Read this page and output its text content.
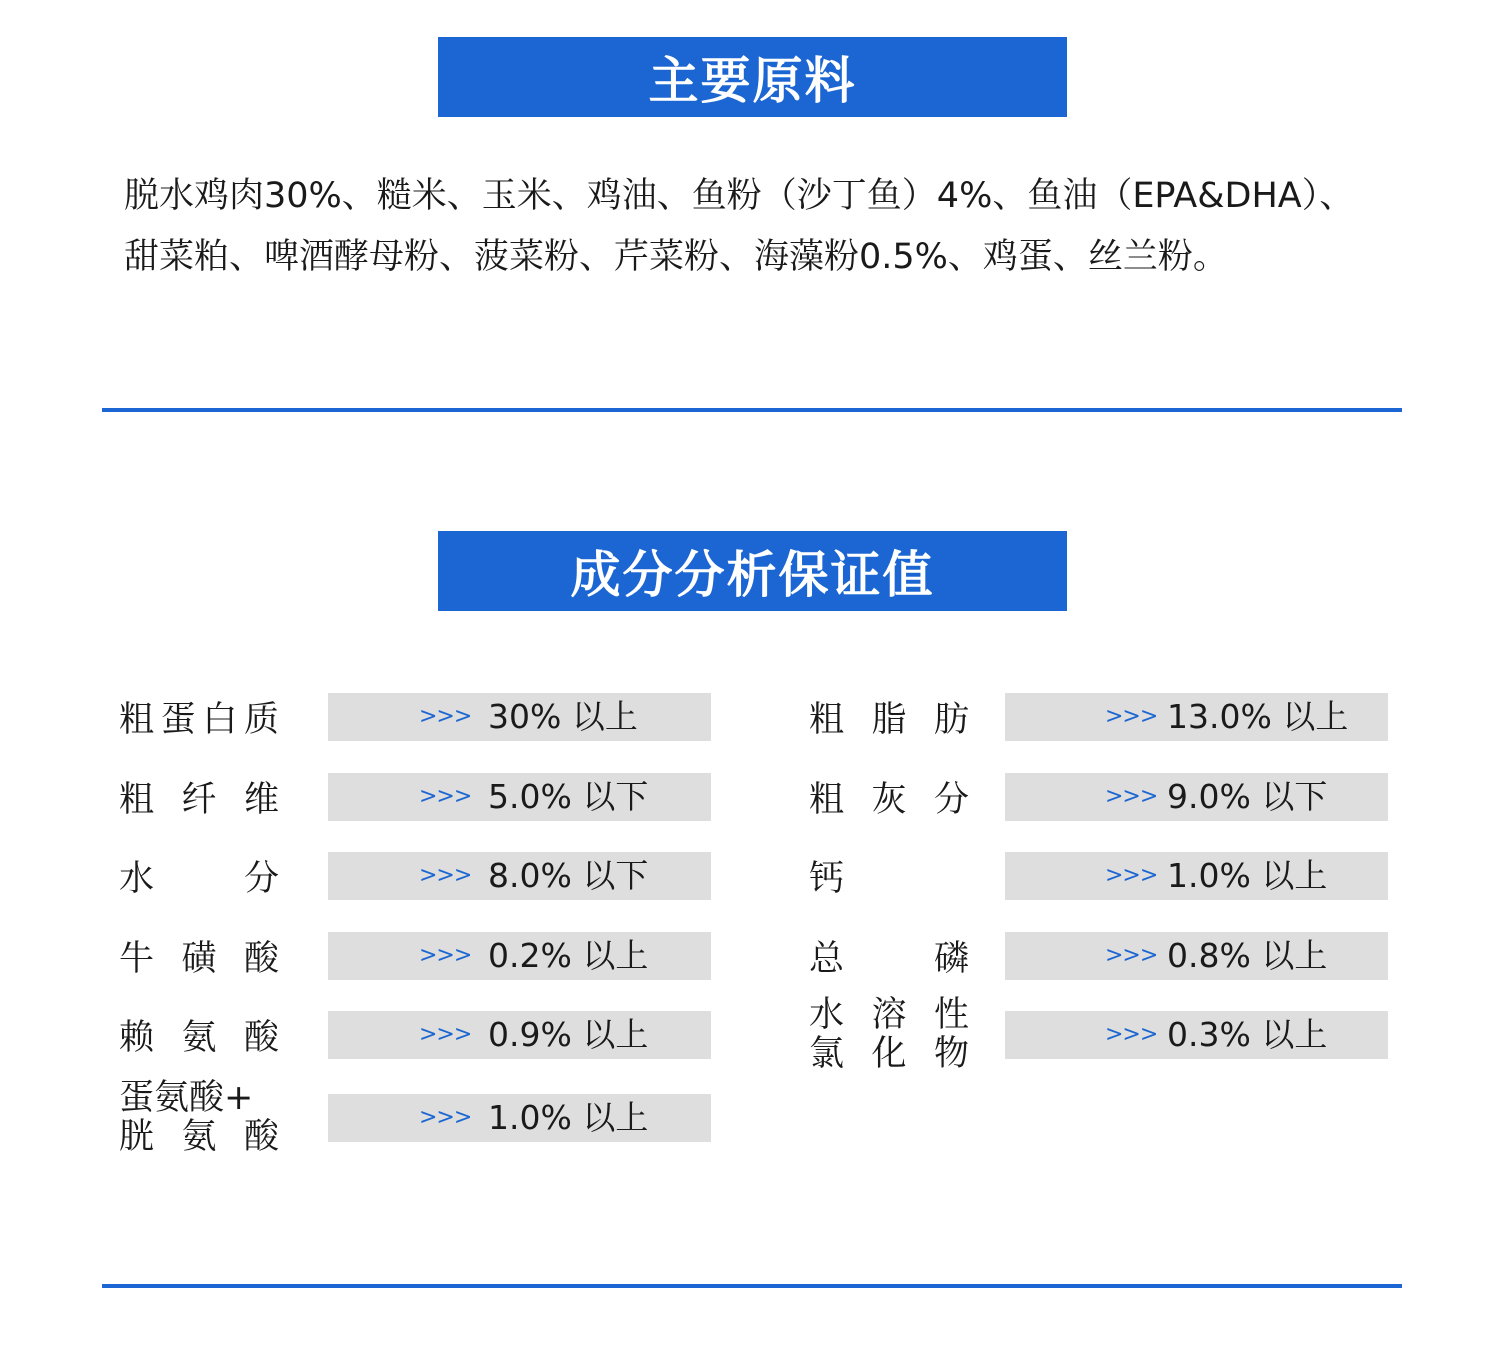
主要原料

脱水鸡肉30%、糙米、玉米、鸡油、鱼粉（沙丁鱼）4%、鱼油（EPA&DHA）、甜菜粕、啤酒酵母粉、菠菜粉、芹菜粉、海藻粉0.5%、鸡蛋、丝兰粉。

成分分析保证值
粗 蛋 白 质	>>> 30% 以上
粗 纤 维	>>> 5.0% 以下
水	分	>>> 8.0% 以下
牛 磺 酸	>>> 0.2% 以上
赖 氨 酸	>>> 0.9% 以上
蛋氨酸+
胱 氨 酸	>>> 1.0% 以上
粗 脂 肪	>>> 13.0% 以上
粗 灰 分	>>> 9.0% 以下
钙	>>> 1.0% 以上
总	磷	>>> 0.8% 以上
水 溶 性
氯 化 物	>>> 0.3% 以上
